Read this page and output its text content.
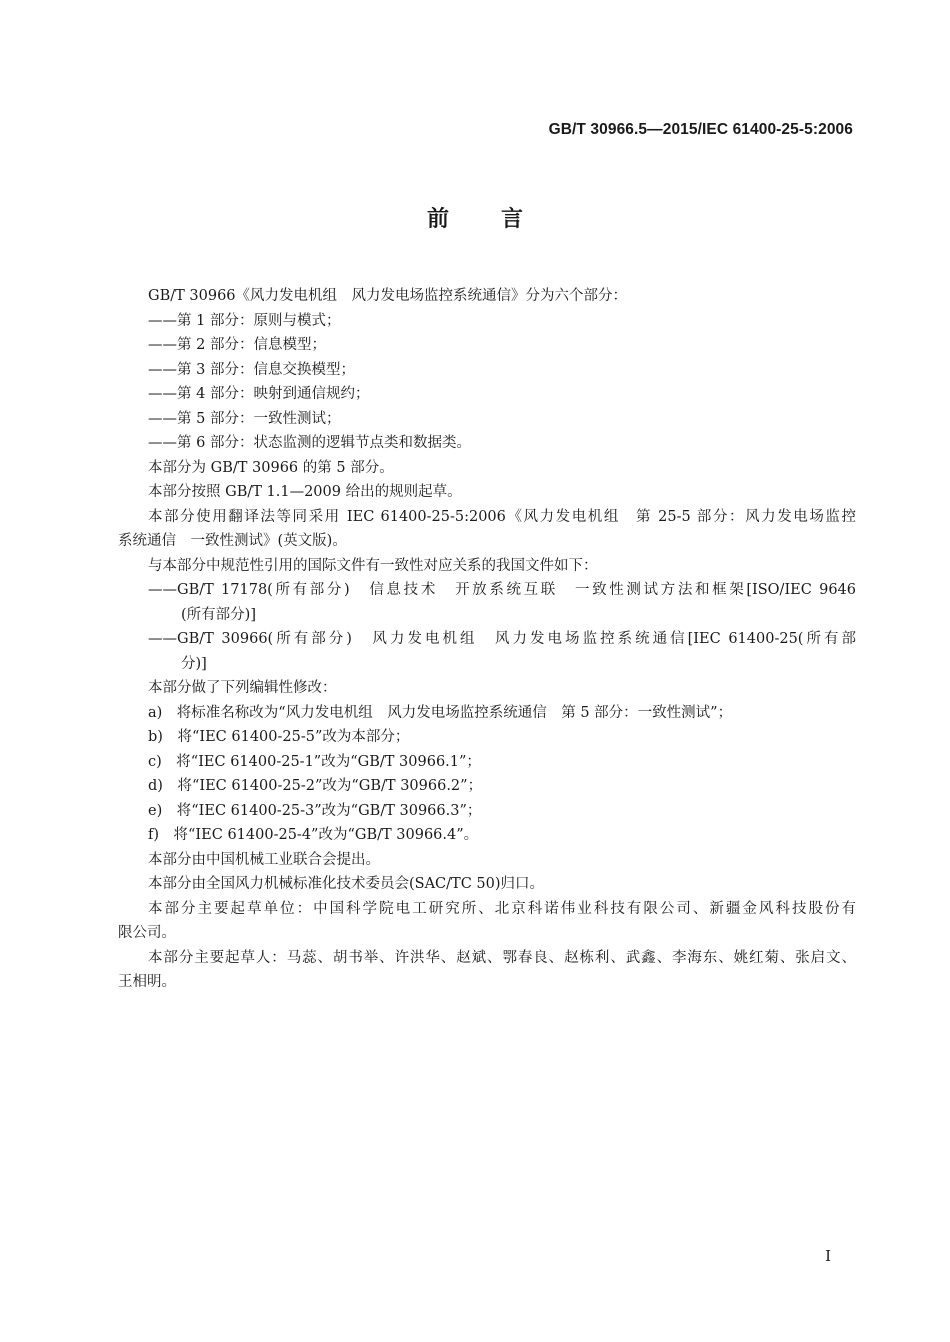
GB/T 30966.5—2015/IEC 61400-25-5:2006
前言
GB/T 30966《风力发电机组　风力发电场监控系统通信》分为六个部分：
——第 1 部分：原则与模式；
——第 2 部分：信息模型；
——第 3 部分：信息交换模型；
——第 4 部分：映射到通信规约；
——第 5 部分：一致性测试；
——第 6 部分：状态监测的逻辑节点类和数据类。
本部分为 GB/T 30966 的第 5 部分。
本部分按照 GB/T 1.1—2009 给出的规则起草。
本部分使用翻译法等同采用 IEC 61400-25-5:2006《风力发电机组　第 25-5 部分：风力发电场监控
系统通信　一致性测试》(英文版)。
与本部分中规范性引用的国际文件有一致性对应关系的我国文件如下：
——GB/T 17178(所有部分)　信息技术　开放系统互联　一致性测试方法和框架[ISO/IEC 9646
(所有部分)]
——GB/T 30966(所有部分)　风力发电机组　风力发电场监控系统通信[IEC 61400-25(所有部
分)]
本部分做了下列编辑性修改：
a)　将标准名称改为“风力发电机组　风力发电场监控系统通信　第 5 部分：一致性测试”；
b)　将“IEC 61400-25-5”改为本部分；
c)　将“IEC 61400-25-1”改为“GB/T 30966.1”；
d)　将“IEC 61400-25-2”改为“GB/T 30966.2”；
e)　将“IEC 61400-25-3”改为“GB/T 30966.3”；
f)　将“IEC 61400-25-4”改为“GB/T 30966.4”。
本部分由中国机械工业联合会提出。
本部分由全国风力机械标准化技术委员会(SAC/TC 50)归口。
本部分主要起草单位：中国科学院电工研究所、北京科诺伟业科技有限公司、新疆金风科技股份有
限公司。
本部分主要起草人：马蕊、胡书举、许洪华、赵斌、鄂春良、赵栋利、武鑫、李海东、姚红菊、张启文、
王相明。
I
